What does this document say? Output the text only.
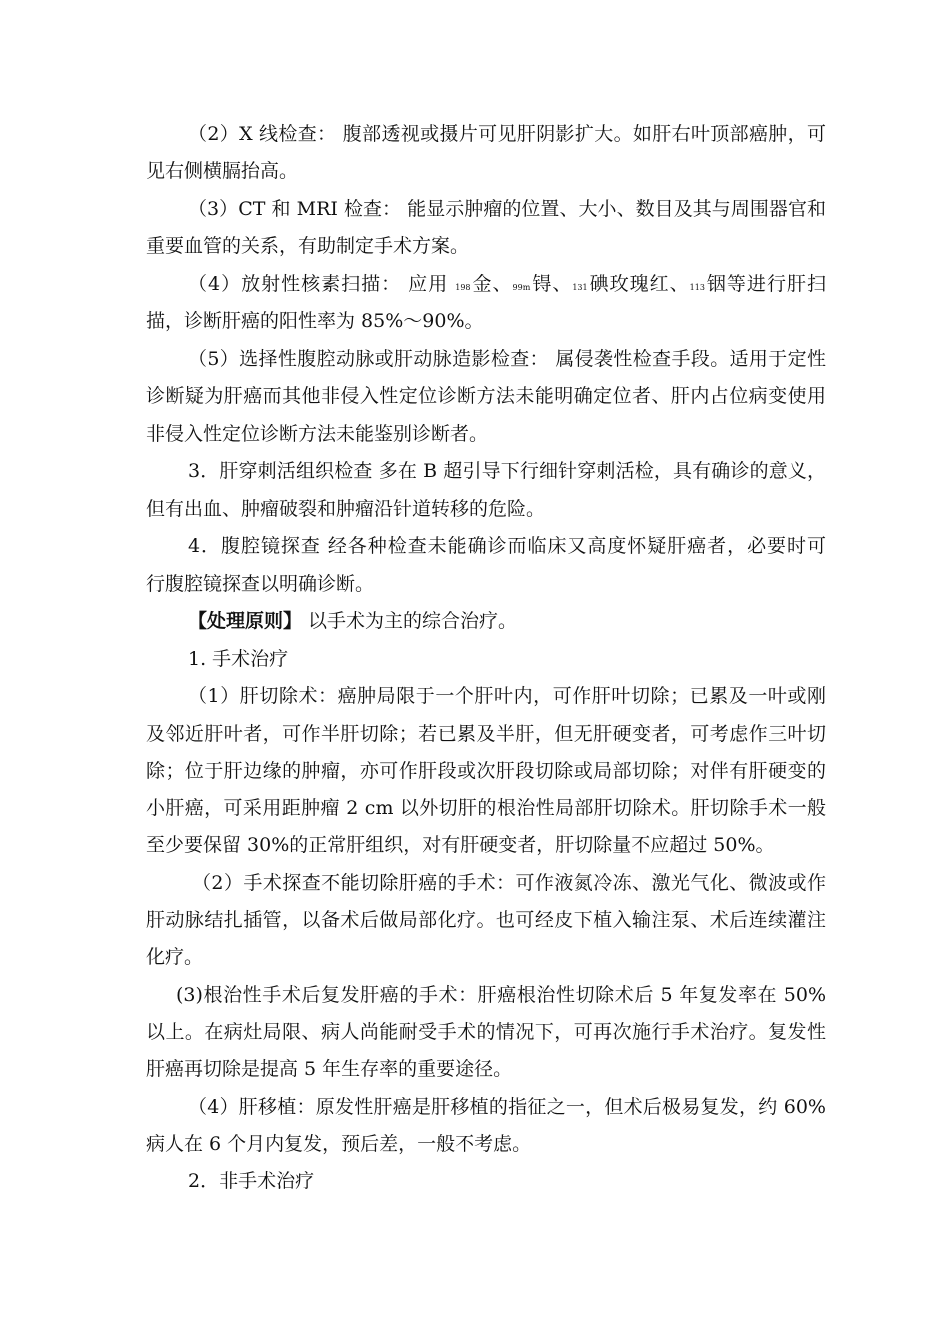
（2）X 线检查： 腹部透视或摄片可见肝阴影扩大。如肝右叶顶部癌肿，可
见右侧横膈抬高。
（3）CT 和 MRI 检查： 能显示肿瘤的位置、大小、数目及其与周围器官和
重要血管的关系，有助制定手术方案。
（4）放射性核素扫描： 应用 198金、99m锝、131碘玫瑰红、113铟等进行肝扫
描，诊断肝癌的阳性率为 85%～90%。
（5）选择性腹腔动脉或肝动脉造影检查： 属侵袭性检查手段。适用于定性
诊断疑为肝癌而其他非侵入性定位诊断方法未能明确定位者、肝内占位病变使用
非侵入性定位诊断方法未能鉴别诊断者。
3．肝穿刺活组织检查 多在 B 超引导下行细针穿刺活检，具有确诊的意义，
但有出血、肿瘤破裂和肿瘤沿针道转移的危险。
4．腹腔镜探查 经各种检查未能确诊而临床又高度怀疑肝癌者，必要时可
行腹腔镜探查以明确诊断。
【处理原则】 以手术为主的综合治疗。
1. 手术治疗
（1）肝切除术：癌肿局限于一个肝叶内，可作肝叶切除；已累及一叶或刚
及邻近肝叶者，可作半肝切除；若已累及半肝，但无肝硬变者，可考虑作三叶切
除；位于肝边缘的肿瘤，亦可作肝段或次肝段切除或局部切除；对伴有肝硬变的
小肝癌，可采用距肿瘤 2 cm 以外切肝的根治性局部肝切除术。肝切除手术一般
至少要保留 30%的正常肝组织，对有肝硬变者，肝切除量不应超过 50%。
（2）手术探查不能切除肝癌的手术：可作液氮冷冻、激光气化、微波或作
肝动脉结扎插管，以备术后做局部化疗。也可经皮下植入输注泵、术后连续灌注
化疗。
(3)根治性手术后复发肝癌的手术：肝癌根治性切除术后 5 年复发率在 50%
以上。在病灶局限、病人尚能耐受手术的情况下，可再次施行手术治疗。复发性
肝癌再切除是提高 5 年生存率的重要途径。
（4）肝移植：原发性肝癌是肝移植的指征之一，但术后极易复发，约 60%
病人在 6 个月内复发，预后差，一般不考虑。
2．非手术治疗
